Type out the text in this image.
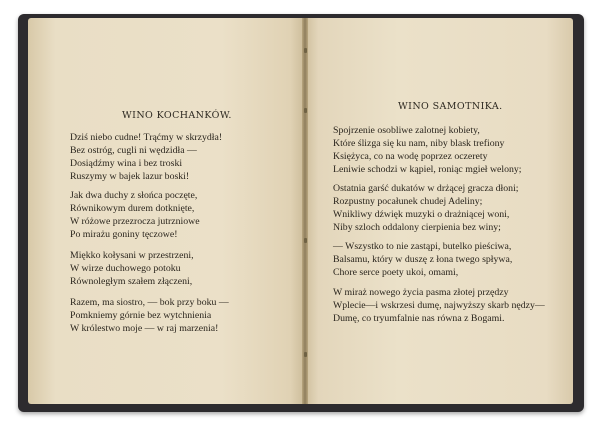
WINO KOCHANKÓW.
Dziś niebo cudne! Trąćmy w skrzydła!
Bez ostróg, cugli ni wędzidła —
Dosiądźmy wina i bez troski
Ruszymy w bajek lazur boski!
Jak dwa duchy z słońca poczęte,
Równikowym durem dotknięte,
W różowe przezrocza jutrzniowe
Po mirażu goniny tęczowe!
Miękko kołysani w przestrzeni,
W wirze duchowego potoku
Równoległym szałem złączeni,
Razem, ma siostro, — bok przy boku —
Pomkniemy górnie bez wytchnienia
W królestwo moje — w raj marzenia!
WINO SAMOTNIKA.
Spojrzenie osobliwe zalotnej kobiety,
Które ślizga się ku nam, niby blask trefiony
Księżyca, co na wodę poprzez oczerety
Leniwie schodzi w kąpiel, roniąc mgieł welony;
Ostatnia garść dukatów w drżącej gracza dłoni;
Rozpustny pocałunek chudej Adeliny;
Wnikliwy dźwięk muzyki o drażniącej woni,
Niby szloch oddalony cierpienia bez winy;
— Wszystko to nie zastąpi, butelko pieściwa,
Balsamu, który w duszę z łona twego spływa,
Chore serce poety ukoi, omami,
W miraż nowego życia pasma złotej przędzy
Wplecie—i wskrzesi dumę, najwyższy skarb nędzy—
Dumę, co tryumfalnie nas równa z Bogami.
